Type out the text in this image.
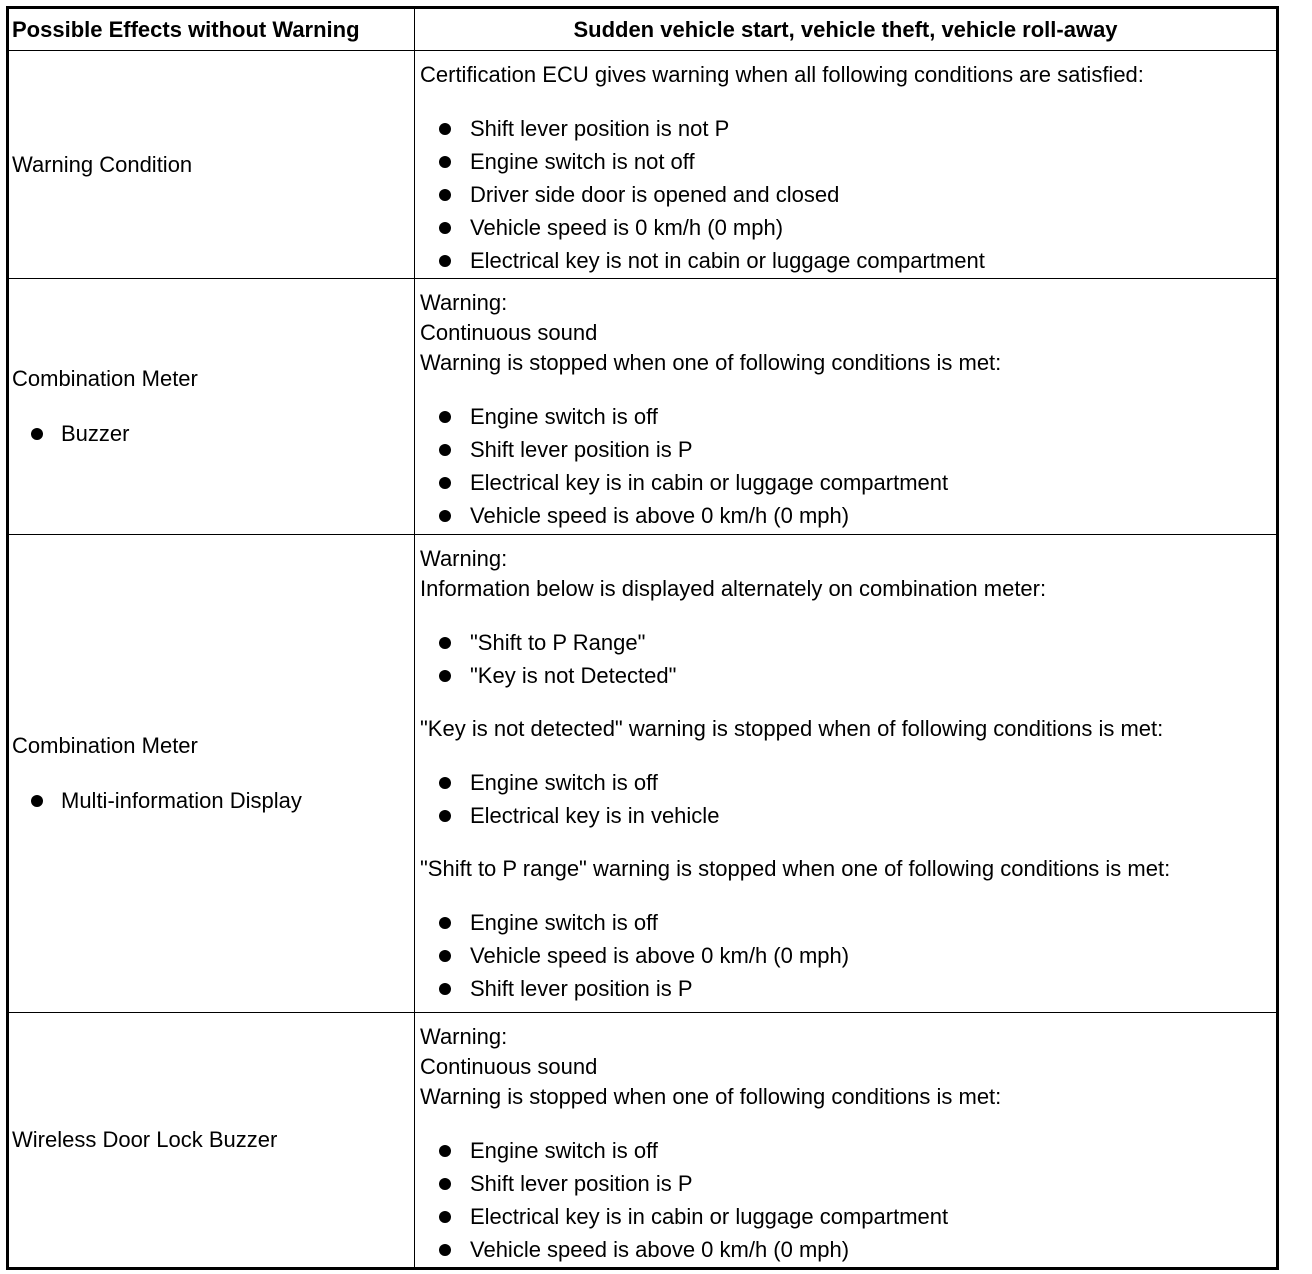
Possible Effects without Warning	Sudden vehicle start, vehicle theft, vehicle roll-away
Warning Condition
Certification ECU gives warning when all following conditions are satisfied:
Shift lever position is not P
Engine switch is not off
Driver side door is opened and closed
Vehicle speed is 0 km/h (0 mph)
Electrical key is not in cabin or luggage compartment
Combination Meter
Buzzer
Warning:
Continuous sound
Warning is stopped when one of following conditions is met:
Engine switch is off
Shift lever position is P
Electrical key is in cabin or luggage compartment
Vehicle speed is above 0 km/h (0 mph)
Combination Meter
Multi-information Display
Warning:
Information below is displayed alternately on combination meter:
"Shift to P Range"
"Key is not Detected"
"Key is not detected" warning is stopped when of following conditions is met:
Engine switch is off
Electrical key is in vehicle
"Shift to P range" warning is stopped when one of following conditions is met:
Engine switch is off
Vehicle speed is above 0 km/h (0 mph)
Shift lever position is P
Wireless Door Lock Buzzer
Warning:
Continuous sound
Warning is stopped when one of following conditions is met:
Engine switch is off
Shift lever position is P
Electrical key is in cabin or luggage compartment
Vehicle speed is above 0 km/h (0 mph)
